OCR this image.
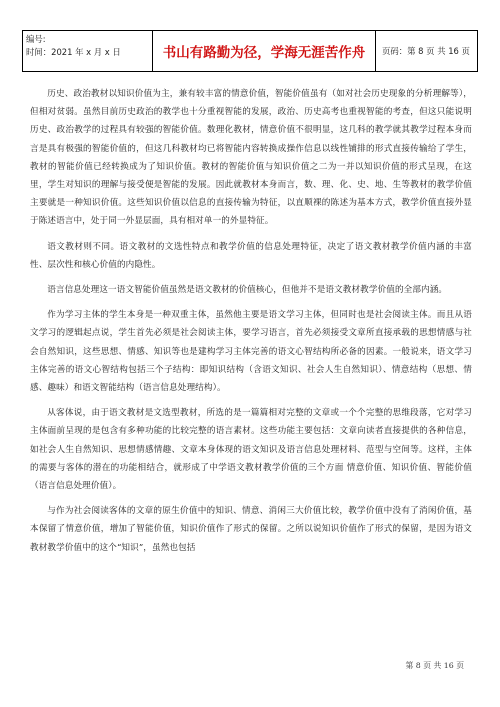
编号:
时间：2021 年 x 月 x 日	书山有路勤为径，学海无涯苦作舟	页码：第 8 页 共 16 页

历史、政治教材以知识价值为主，兼有较丰富的情意价值，智能价值虽有（如对社会历史现象的分析理解等），但相对贫弱。虽然目前历史政治的教学也十分重视智能的发展，政治、历史高考也重视智能的考查，但这只能说明历史、政治教学的过程具有较强的智能价值。数理化教材，情意价值不很明显，这几科的教学就其教学过程本身而言是具有极强的智能价值的，但这几科教材均已将智能内容转换成操作信息以线性铺排的形式直接传输给了学生，教材的智能价值已经转换成为了知识价值。教材的智能价值与知识价值之二为一并以知识价值的形式呈现，在这里，学生对知识的理解与接受便是智能的发展。因此就教材本身而言，数、理、化、史、地、生等教材的教学价值主要就是一种知识价值。这些知识价值以信息的直接传输为特征，以直顺裸的陈述为基本方式，教学价值直接外显于陈述语言中，处于同一外显层面，具有相对单一的外显特征。

语文教材则不同。语文教材的文选性特点和教学价值的信息处理特征，决定了语文教材教学价值内涵的丰富性、层次性和核心价值的内隐性。

语言信息处理这一语文智能价值虽然是语文教材的价值核心，但他并不是语文教材教学价值的全部内涵。

作为学习主体的学生本身是一种双重主体，虽然他主要是语文学习主体，但同时也是社会阅读主体。而且从语文学习的逻辑起点说，学生首先必须是社会阅读主体，要学习语言，首先必须接受文章所直接承载的思想情感与社会自然知识，这些思想、情感、知识等也是建构学习主体完善的语文心智结构所必备的因素。一般说来，语文学习主体完善的语文心智结构包括三个子结构：即知识结构（含语文知识、社会人生自然知识）、情意结构（思想、情感、趣味）和语文智能结构（语言信息处理结构）。

从客体说，由于语文教材是文选型教材，所选的是一篇篇相对完整的文章或一个个完整的思维段落，它对学习主体面前呈现的是包含有多种功能的比较完整的语言素材。这些功能主要包括：文章向读者直接提供的各种信息，如社会人生自然知识、思想情感情趣、文章本身体现的语文知识及语言信息处理材料、范型与空间等。这样，主体的需要与客体的潜在的功能相结合，就形成了中学语文教材教学价值的三个方面 情意价值、知识价值、智能价值（语言信息处理价值）。

与作为社会阅读客体的文章的原生价值中的知识、情意、消闲三大价值比较，教学价值中没有了消闲价值，基本保留了情意价值，增加了智能价值，知识价值作了形式的保留。之所以说知识价值作了形式的保留，是因为语文教材教学价值中的这个“知识”，虽然也包括

第 8 页 共 16 页
